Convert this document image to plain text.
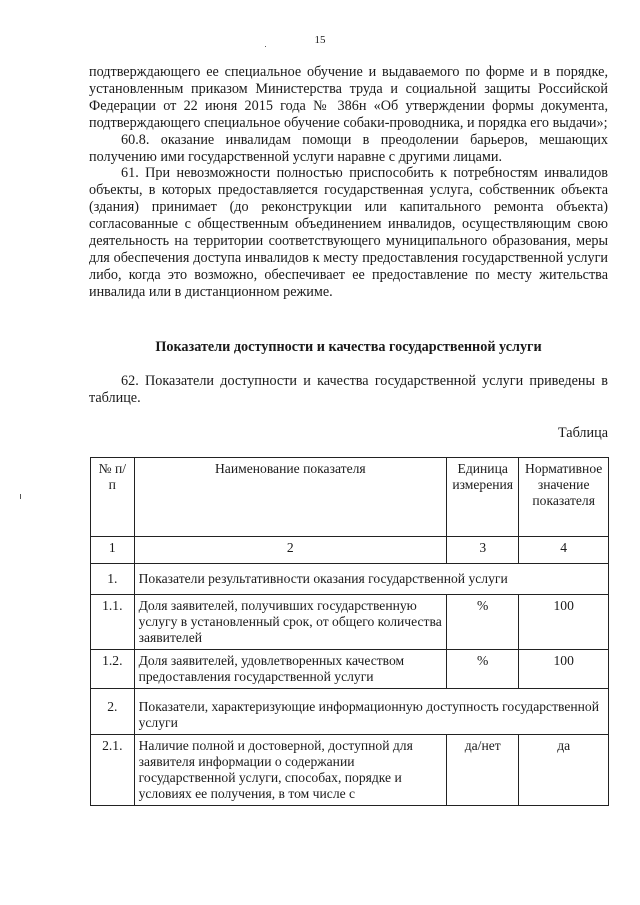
15

подтверждающего ее специальное обучение и выдаваемого по форме и в порядке, установленным приказом Министерства труда и социальной защиты Российской Федерации от 22 июня 2015 года № 386н «Об утверждении формы документа, подтверждающего специальное обучение собаки-проводника, и порядка его выдачи»;

60.8. оказание инвалидам помощи в преодолении барьеров, мешающих получению ими государственной услуги наравне с другими лицами.

61. При невозможности полностью приспособить к потребностям инвалидов объекты, в которых предоставляется государственная услуга, собственник объекта (здания) принимает (до реконструкции или капитального ремонта объекта) согласованные с общественным объединением инвалидов, осуществляющим свою деятельность на территории соответствующего муниципального образования, меры для обеспечения доступа инвалидов к месту предоставления государственной услуги либо, когда это возможно, обеспечивает ее предоставление по месту жительства инвалида или в дистанционном режиме.

Показатели доступности и качества государственной услуги

62. Показатели доступности и качества государственной услуги приведены в таблице.

Таблица
№ п/п	Наименование показателя	Единица измерения	Нормативное значение показателя
1	2	3	4
1.	Показатели результативности оказания государственной услуги		
1.1.	Доля заявителей, получивших государственную услугу в установленный срок, от общего количества заявителей	%	100
1.2.	Доля заявителей, удовлетворенных качеством предоставления государственной услуги	%	100
2.	Показатели, характеризующие информационную доступность государственной услуги		
2.1.	Наличие полной и достоверной, доступной для заявителя информации о содержании государственной услуги, способах, порядке и условиях ее получения, в том числе с	да/нет	да
